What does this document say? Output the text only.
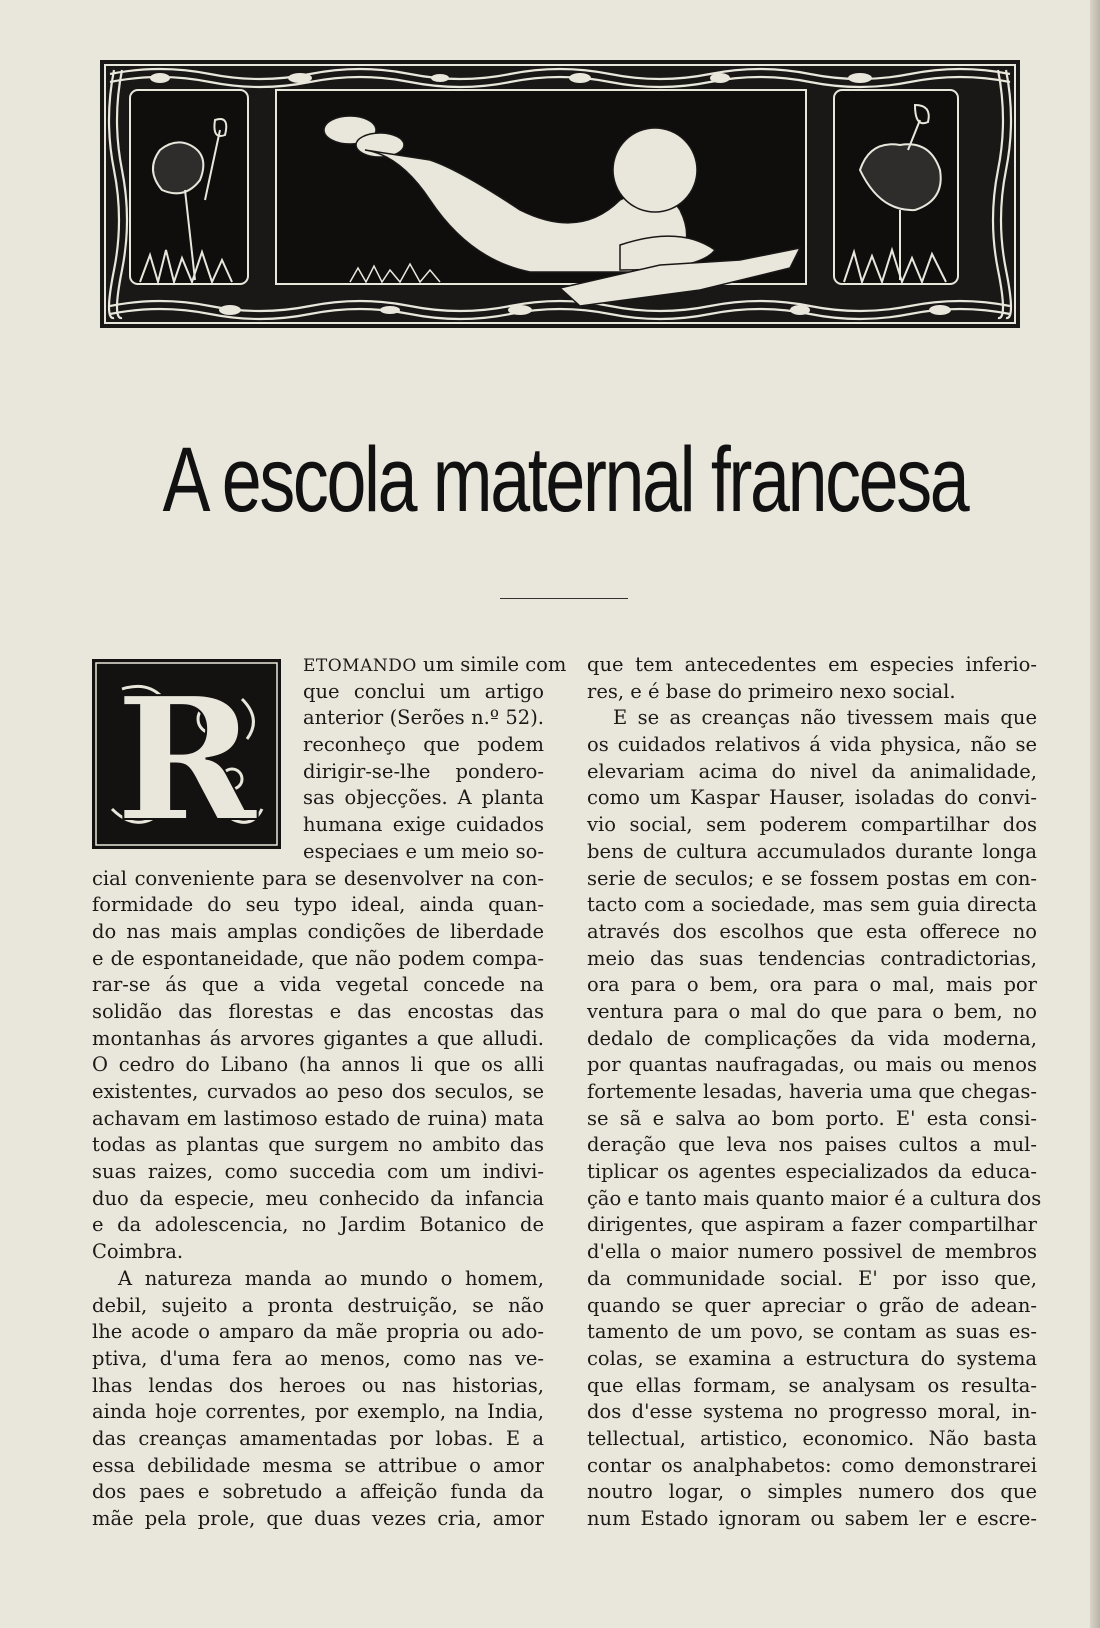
A escola maternal francesa
R	ETOMANDO um simile com
que conclui um artigo
anterior (Serões n.º 52).
reconheço que podem
dirigir-se-lhe pondero-
sas objecções. A planta
humana exige cuidados
especiaes e um meio so-
cial conveniente para se desenvolver na con-
formidade do seu typo ideal, ainda quan-
do nas mais amplas condições de liberdade
e de espontaneidade, que não podem compa-
rar-se ás que a vida vegetal concede na
solidão das florestas e das encostas das
montanhas ás arvores gigantes a que alludi.
O cedro do Libano (ha annos li que os alli
existentes, curvados ao peso dos seculos, se
achavam em lastimoso estado de ruina) mata
todas as plantas que surgem no ambito das
suas raizes, como succedia com um indivi-
duo da especie, meu conhecido da infancia
e da adolescencia, no Jardim Botanico de
Coimbra.
A natureza manda ao mundo o homem,
debil, sujeito a pronta destruição, se não
lhe acode o amparo da mãe propria ou ado-
ptiva, d'uma fera ao menos, como nas ve-
lhas lendas dos heroes ou nas historias,
ainda hoje correntes, por exemplo, na India,
das creanças amamentadas por lobas. E a
essa debilidade mesma se attribue o amor
dos paes e sobretudo a affeição funda da
mãe pela prole, que duas vezes cria, amor
que tem antecedentes em especies inferio-
res, e é base do primeiro nexo social.
E se as creanças não tivessem mais que
os cuidados relativos á vida physica, não se
elevariam acima do nivel da animalidade,
como um Kaspar Hauser, isoladas do convi-
vio social, sem poderem compartilhar dos
bens de cultura accumulados durante longa
serie de seculos; e se fossem postas em con-
tacto com a sociedade, mas sem guia directa
através dos escolhos que esta offerece no
meio das suas tendencias contradictorias,
ora para o bem, ora para o mal, mais por
ventura para o mal do que para o bem, no
dedalo de complicações da vida moderna,
por quantas naufragadas, ou mais ou menos
fortemente lesadas, haveria uma que chegas-
se sã e salva ao bom porto. E' esta consi-
deração que leva nos paises cultos a mul-
tiplicar os agentes especializados da educa-
ção e tanto mais quanto maior é a cultura dos
dirigentes, que aspiram a fazer compartilhar
d'ella o maior numero possivel de membros
da communidade social. E' por isso que,
quando se quer apreciar o grão de adean-
tamento de um povo, se contam as suas es-
colas, se examina a estructura do systema
que ellas formam, se analysam os resulta-
dos d'esse systema no progresso moral, in-
tellectual, artistico, economico. Não basta
contar os analphabetos: como demonstrarei
noutro logar, o simples numero dos que
num Estado ignoram ou sabem ler e escre-
